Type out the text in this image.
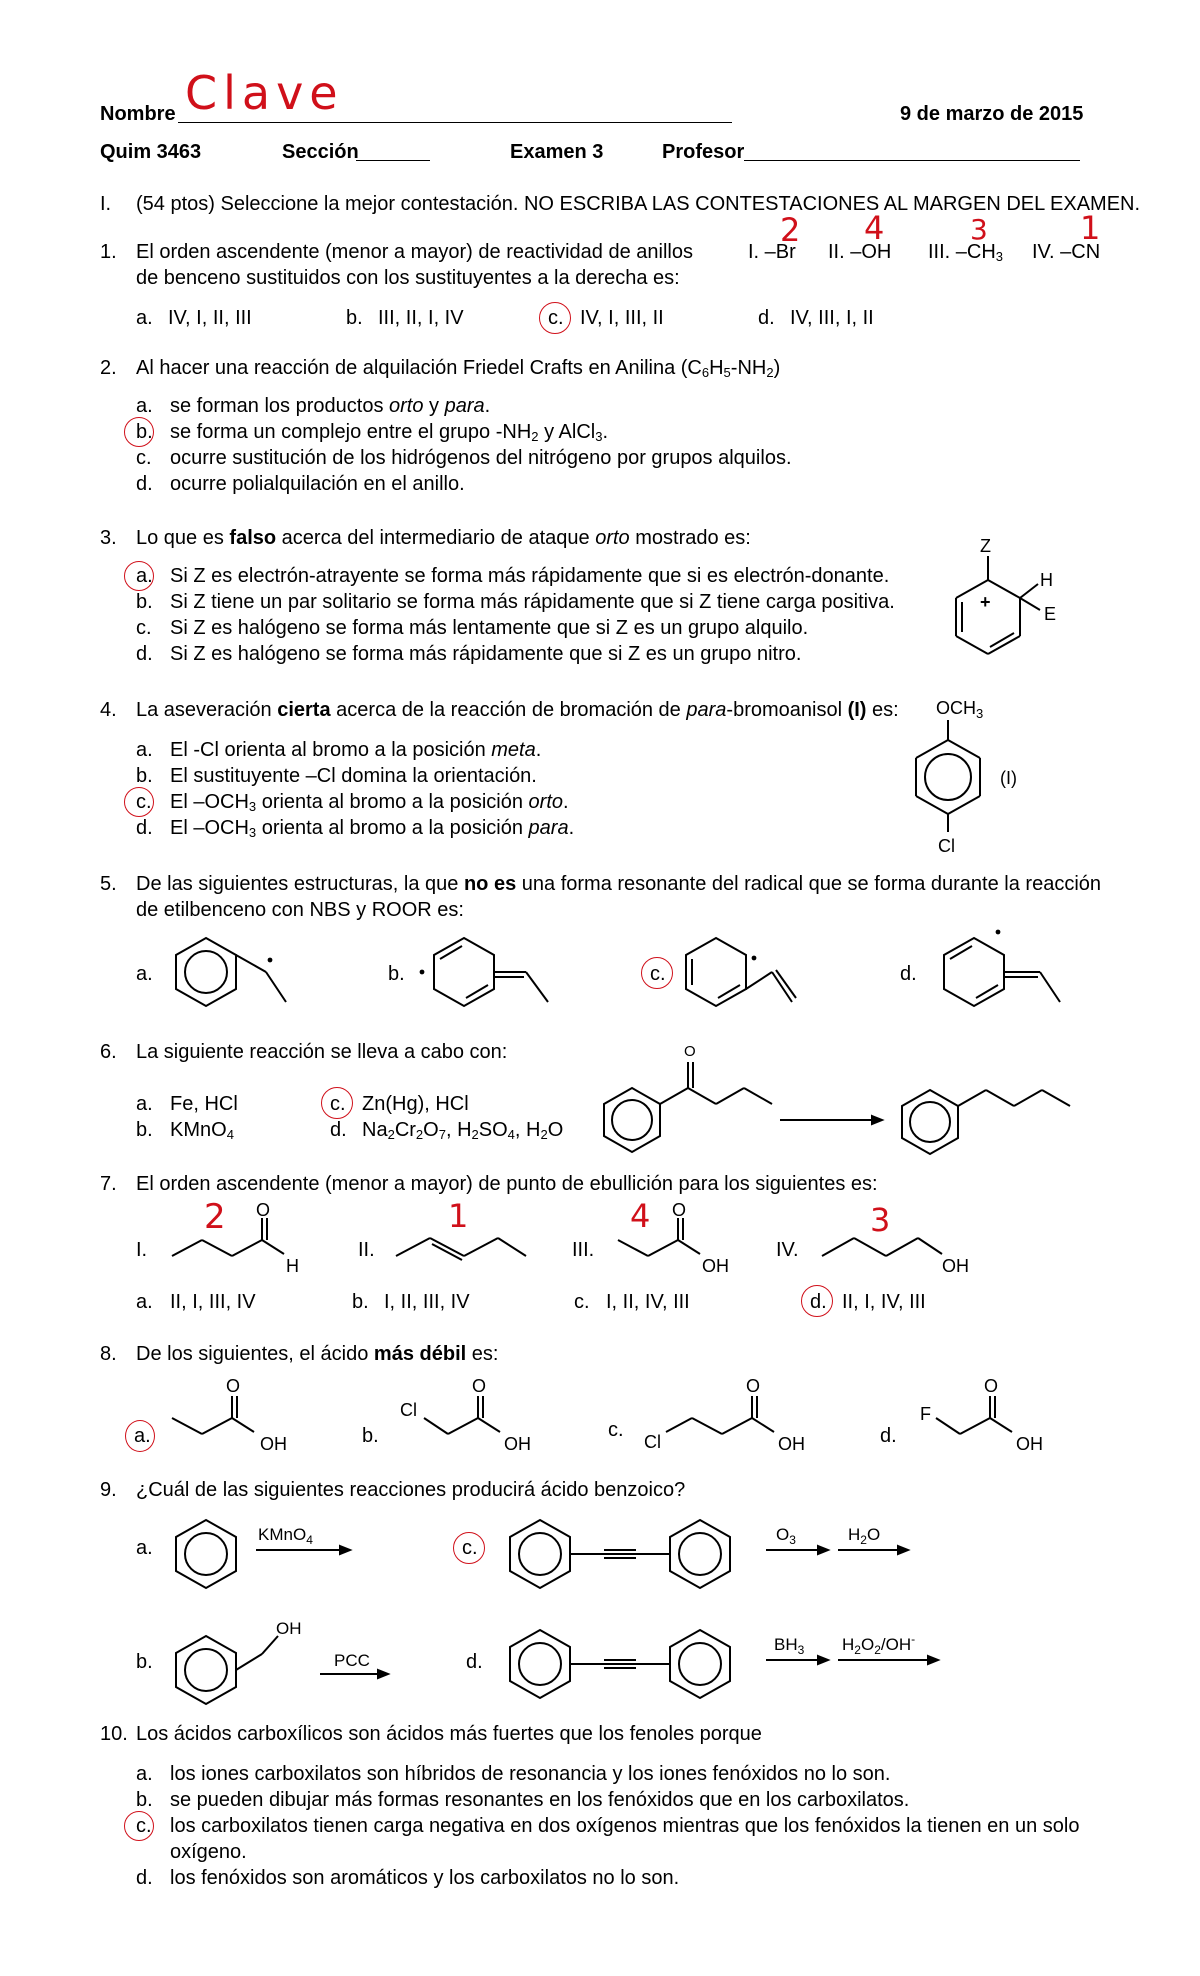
Nombre Clave	9 de marzo de 2015
Quim 3463	Sección	Examen 3	Profesor
I. (54 ptos) Seleccione la mejor contestación. NO ESCRIBA LAS CONTESTACIONES AL MARGEN DEL EXAMEN.
1. El orden ascendente (menor a mayor) de reactividad de anillos
de benceno sustituidos con los sustituyentes a la derecha es:
I. –Br II. –OH III. $-CH_3$ IV. –CN
2 4	3	1
a. IV, I, II, III	b. III, II, I, IV	c. IV, I, III, II	d. IV, III, I, II
2. Al hacer una reacción de alquilación Friedel Crafts en Anilina $(C_6H_5-NH_2)$
a. se forman los productos orto y para.
b. se forma un complejo entre el grupo $-NH_2$ y AlCl$_3$.
c. ocurre sustitución de los hidrógenos del nitrógeno por grupos alquilos.
d. ocurre polialquilación en el anillo.
3. Lo que es falso acerca del intermediario de ataque orto mostrado es:
a. Si Z es electrón-atrayente se forma más rápidamente que si es electrón-donante.
b. Si Z tiene un par solitario se forma más rápidamente que si Z tiene carga positiva.
c. Si Z es halógeno se forma más lentamente que si Z es un grupo alquilo.
d. Si Z es halógeno se forma más rápidamente que si Z es un grupo nitro.
Z
H
E
+
4. La aseveración cierta acerca de la reacción de bromación de para-bromoanisol (I) es:
a. El -Cl orienta al bromo a la posición meta.
b. El sustituyente –Cl domina la orientación.
c. El $-OCH_3$ orienta al bromo a la posición orto.
d. El $-OCH_3$ orienta al bromo a la posición para.
$OCH_3$
Cl
(I)
5. De las siguientes estructuras, la que no es una forma resonante del radical que se forma durante la reacción
de etilbenceno con NBS y ROOR es:
a.	b.	c.	d.
6. La siguiente reacción se lleva a cabo con:
a. Fe, HCl
b. KMnO$_4$
c. Zn(Hg), HCl
d. $Na_2Cr_2O_7$, $H_2SO_4$, $H_2O$
O
7. El orden ascendente (menor a mayor) de punto de ebullición para los siguientes es:
I.
2 O
H
II.
1
III.
4 O
OH
IV.
3
OH
a. II, I, III, IV	b. I, II, III, IV	c. I, II, IV, III	d. II, I, IV, III
8. De los siguientes, el ácido más débil es:
a.
O
OH	b.
Cl
O
OH
c.
Cl
O
OH	d.
F
O
OH
9. ¿Cuál de las siguientes reacciones producirá ácido benzoico?
a.
KMnO$_4$	c.
$O_3$	$H_2O$
b.
OH
PCC	d.
$BH_3$ $H_2O_2/OH^-$
10. Los ácidos carboxílicos son ácidos más fuertes que los fenoles porque
a. los iones carboxilatos son híbridos de resonancia y los iones fenóxidos no lo son.
b. se pueden dibujar más formas resonantes en los fenóxidos que en los carboxilatos.
c. los carboxilatos tienen carga negativa en dos oxígenos mientras que los fenóxidos la tienen en un solo
oxígeno.
d. los fenóxidos son aromáticos y los carboxilatos no lo son.
